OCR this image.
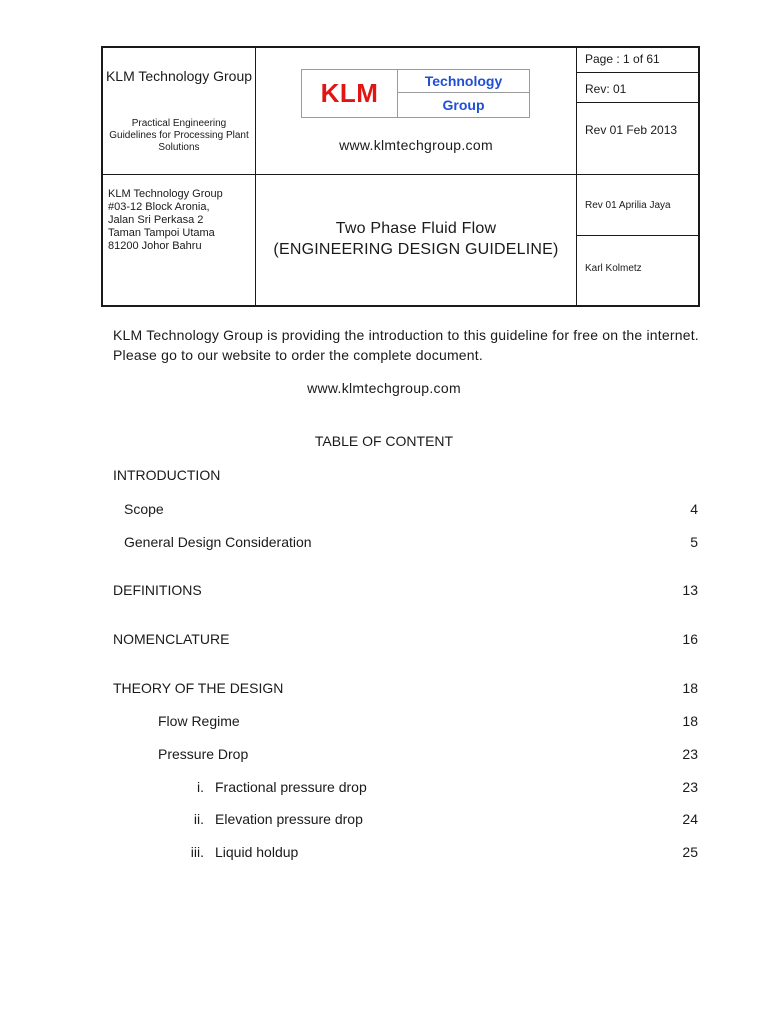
KLM Technology Group
Practical Engineering Guidelines for Processing Plant Solutions
KLM	Technology
Group
www.klmtechgroup.com
Page : 1 of 61
Rev: 01
Rev 01 Feb 2013
KLM Technology Group
#03-12 Block Aronia,
Jalan Sri Perkasa 2
Taman Tampoi Utama
81200 Johor Bahru
Two Phase Fluid Flow
(ENGINEERING DESIGN GUIDELINE)
Rev 01 Aprilia Jaya
Karl Kolmetz
KLM Technology Group is providing the introduction to this guideline for free on the internet. Please go to our website to order the complete document.
www.klmtechgroup.com
TABLE OF CONTENT
INTRODUCTION
Scope	4
General Design Consideration	5
DEFINITIONS	13
NOMENCLATURE	16
THEORY OF THE DESIGN	18
Flow Regime	18
Pressure Drop	23
i. Fractional pressure drop	23
ii. Elevation pressure drop	24
iii. Liquid holdup	25
